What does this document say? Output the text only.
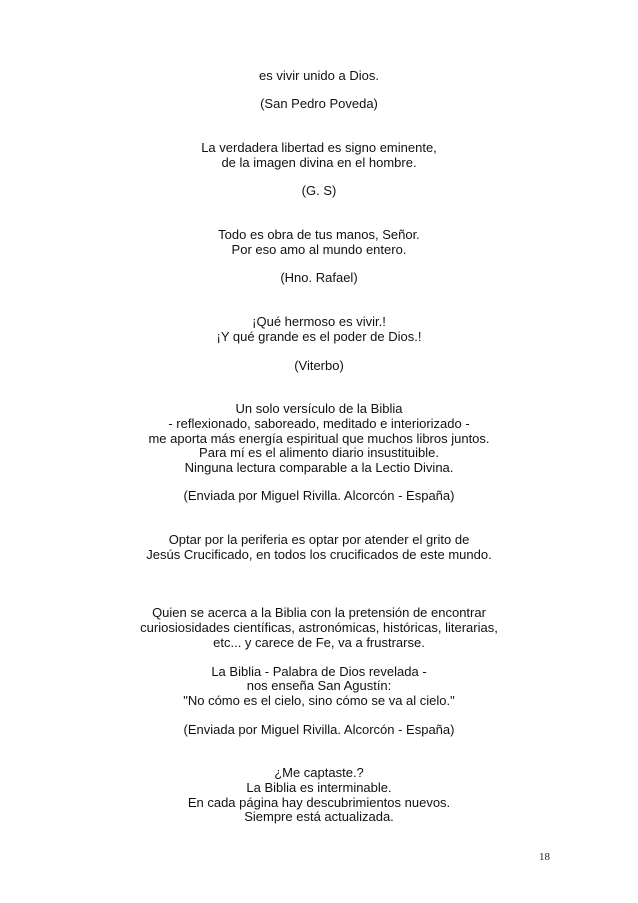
es vivir unido a Dios.
(San Pedro Poveda)
La verdadera libertad es signo eminente,
de la imagen divina en el hombre.
(G. S)
Todo es obra de tus manos, Señor.
Por eso amo al mundo entero.
(Hno. Rafael)
¡Qué hermoso es vivir.!
¡Y qué grande es el poder de Dios.!
(Viterbo)
Un solo versículo de la Biblia
- reflexionado, saboreado, meditado e interiorizado -
me aporta más energía espiritual que muchos libros juntos.
Para mí es el alimento diario insustituible.
Ninguna lectura comparable a la Lectio Divina.
(Enviada por Miguel Rivilla. Alcorcón - España)
Optar por la periferia es optar por atender el grito de
Jesús Crucificado, en todos los crucificados de este mundo.
Quien se acerca a la Biblia con la pretensión de encontrar
curiosiosidades científicas, astronómicas, históricas, literarias,
etc... y carece de Fe, va a frustrarse.
La Biblia - Palabra de Dios revelada -
nos enseña San Agustín:
"No cómo es el cielo, sino cómo se va al cielo."
(Enviada por Miguel Rivilla. Alcorcón - España)
¿Me captaste.?
La Biblia es interminable.
En cada página hay descubrimientos nuevos.
Siempre está actualizada.
18
